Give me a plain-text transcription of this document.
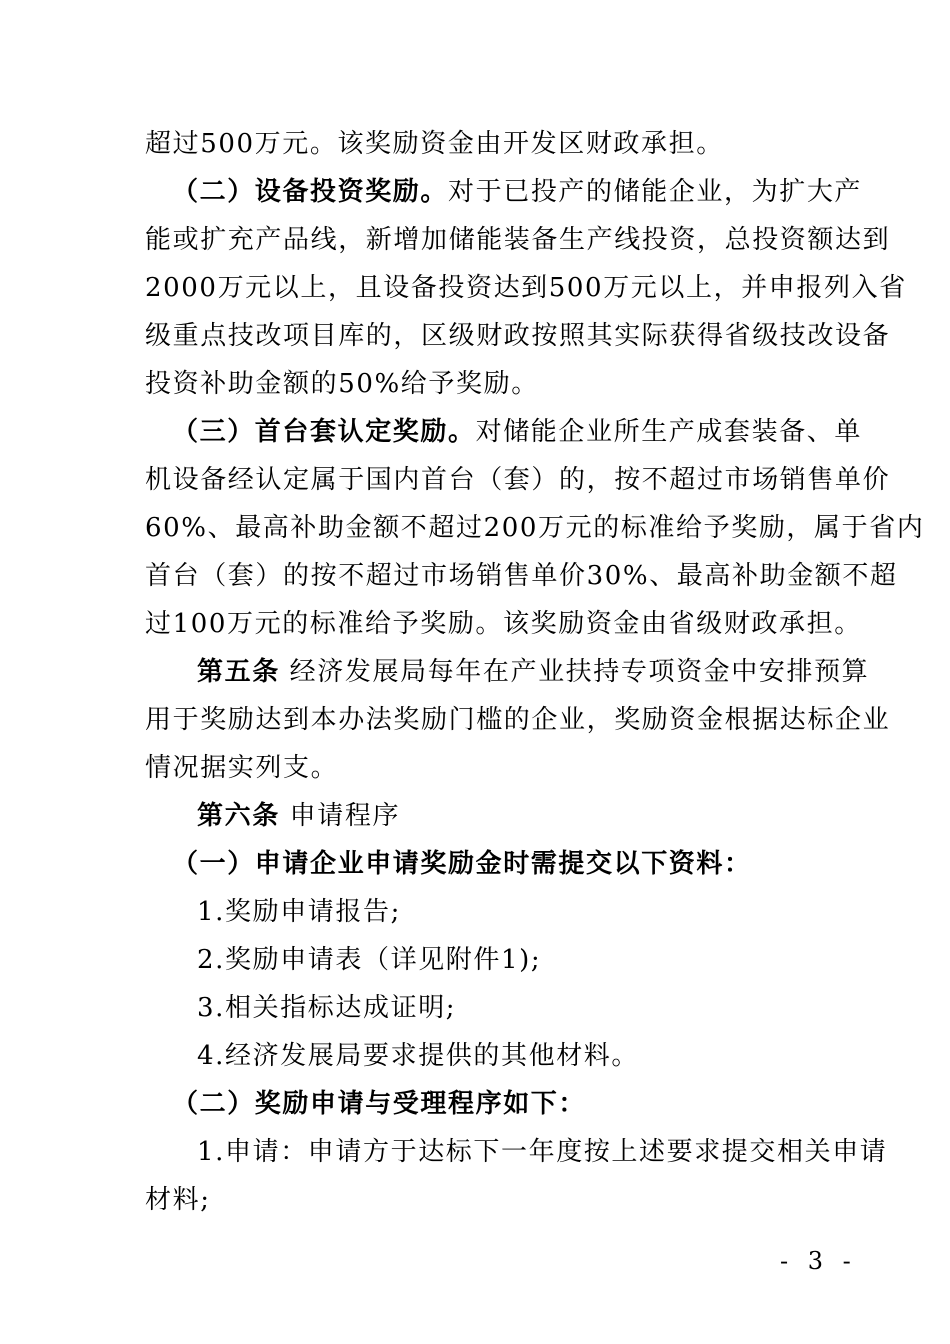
超过500万元。该奖励资金由开发区财政承担。
（二）设备投资奖励。对于已投产的储能企业，为扩大产
能或扩充产品线，新增加储能装备生产线投资，总投资额达到
2000万元以上，且设备投资达到500万元以上，并申报列入省
级重点技改项目库的，区级财政按照其实际获得省级技改设备
投资补助金额的50%给予奖励。
（三）首台套认定奖励。对储能企业所生产成套装备、单
机设备经认定属于国内首台（套）的，按不超过市场销售单价
60%、最高补助金额不超过200万元的标准给予奖励，属于省内
首台（套）的按不超过市场销售单价30%、最高补助金额不超
过100万元的标准给予奖励。该奖励资金由省级财政承担。
第五条 经济发展局每年在产业扶持专项资金中安排预算
用于奖励达到本办法奖励门槛的企业，奖励资金根据达标企业
情况据实列支。
第六条 申请程序
（一）申请企业申请奖励金时需提交以下资料：
1.奖励申请报告;
2.奖励申请表（详见附件1);
3.相关指标达成证明;
4.经济发展局要求提供的其他材料。
（二）奖励申请与受理程序如下：
1.申请：申请方于达标下一年度按上述要求提交相关申请
材料;
- 3 -
